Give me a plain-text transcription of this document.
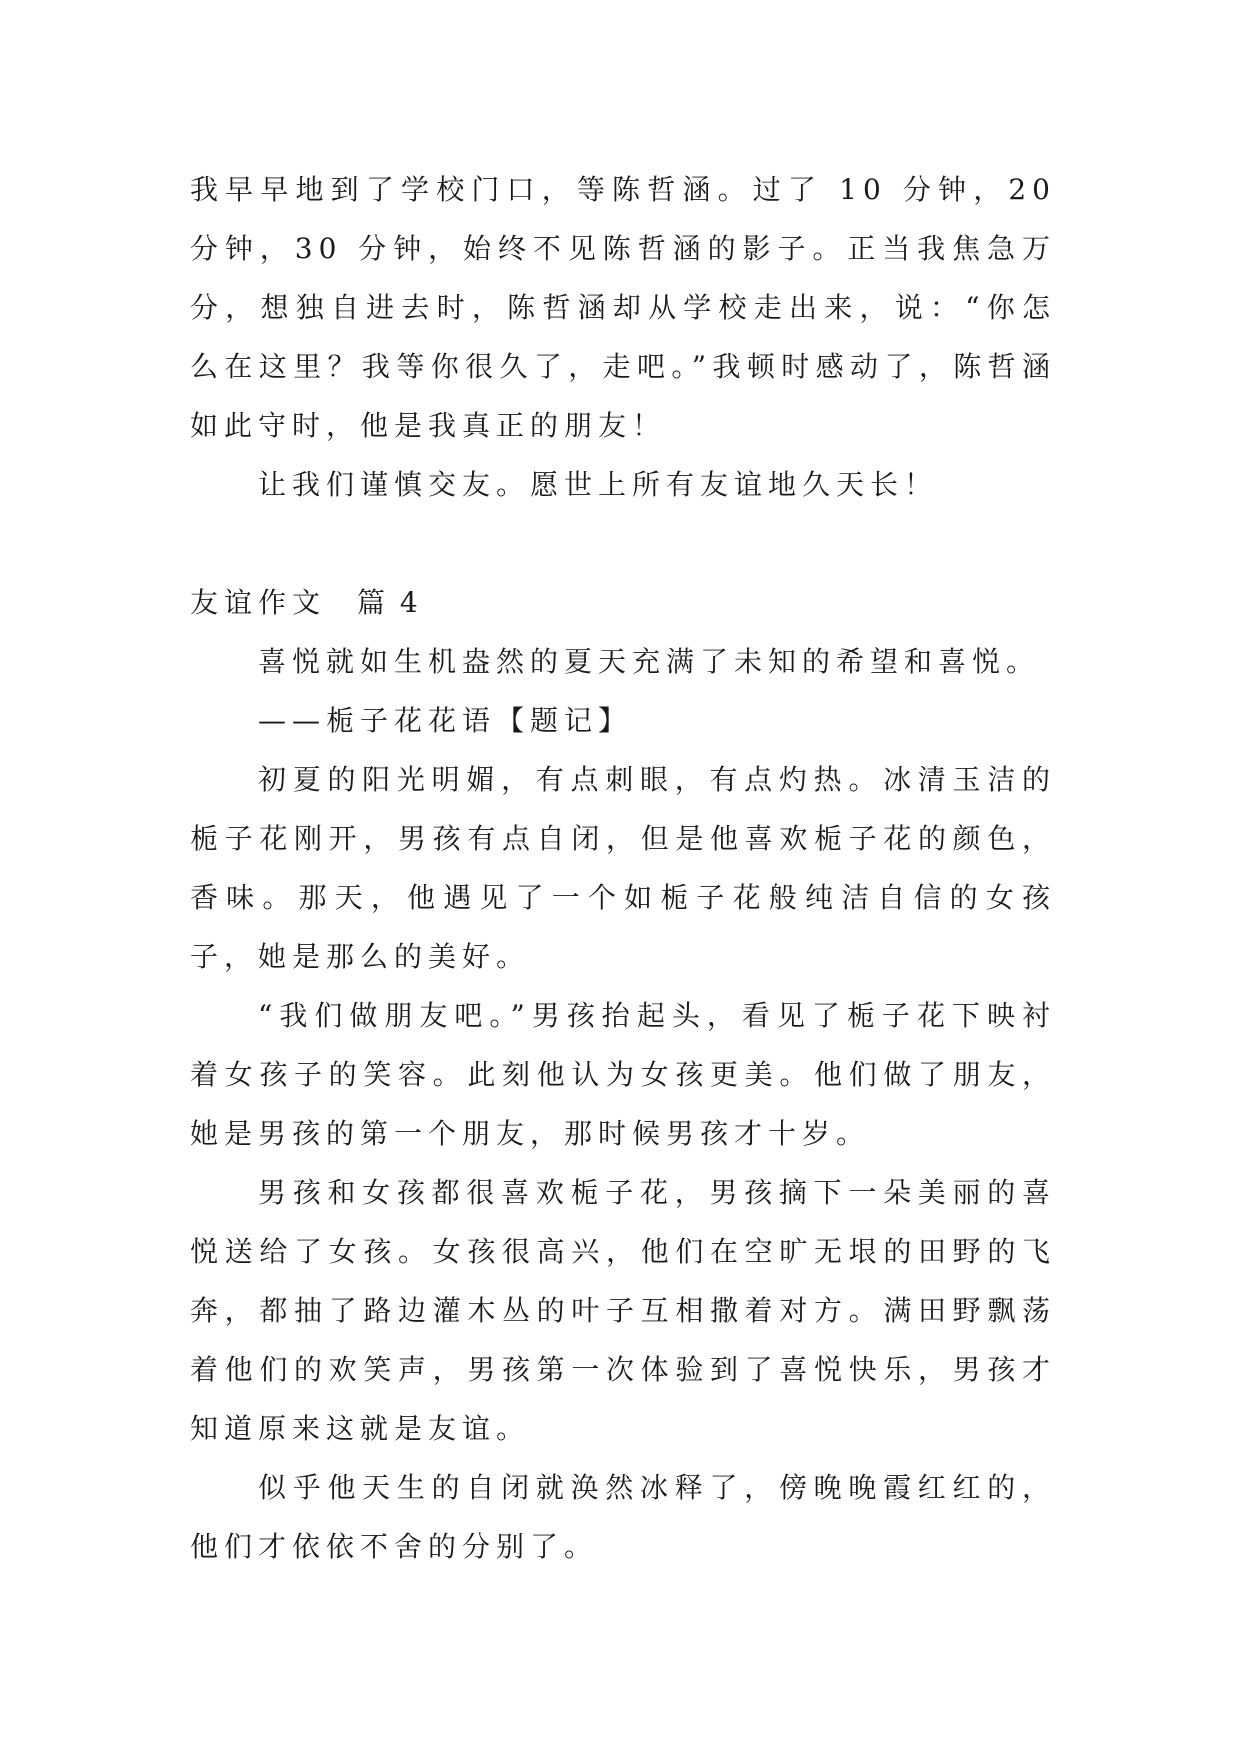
我早早地到了学校门口，等陈哲涵。过了 10 分钟，20 分钟，30 分钟，始终不见陈哲涵的影子。正当我焦急万分，想独自进去时，陈哲涵却从学校走出来，说：“你怎么在这里？我等你很久了，走吧。”我顿时感动了，陈哲涵如此守时，他是我真正的朋友！

让我们谨慎交友。愿世上所有友谊地久天长！

友谊作文  篇 4

喜悦就如生机盎然的夏天充满了未知的希望和喜悦。

——栀子花花语【题记】

初夏的阳光明媚，有点刺眼，有点灼热。冰清玉洁的栀子花刚开，男孩有点自闭，但是他喜欢栀子花的颜色，香味。那天，他遇见了一个如栀子花般纯洁自信的女孩子，她是那么的美好。

“我们做朋友吧。”男孩抬起头，看见了栀子花下映衬着女孩子的笑容。此刻他认为女孩更美。他们做了朋友，她是男孩的第一个朋友，那时候男孩才十岁。

男孩和女孩都很喜欢栀子花，男孩摘下一朵美丽的喜悦送给了女孩。女孩很高兴，他们在空旷无垠的田野的飞奔，都抽了路边灌木丛的叶子互相撒着对方。满田野飘荡着他们的欢笑声，男孩第一次体验到了喜悦快乐，男孩才知道原来这就是友谊。

似乎他天生的自闭就涣然冰释了，傍晚晚霞红红的，他们才依依不舍的分别了。
